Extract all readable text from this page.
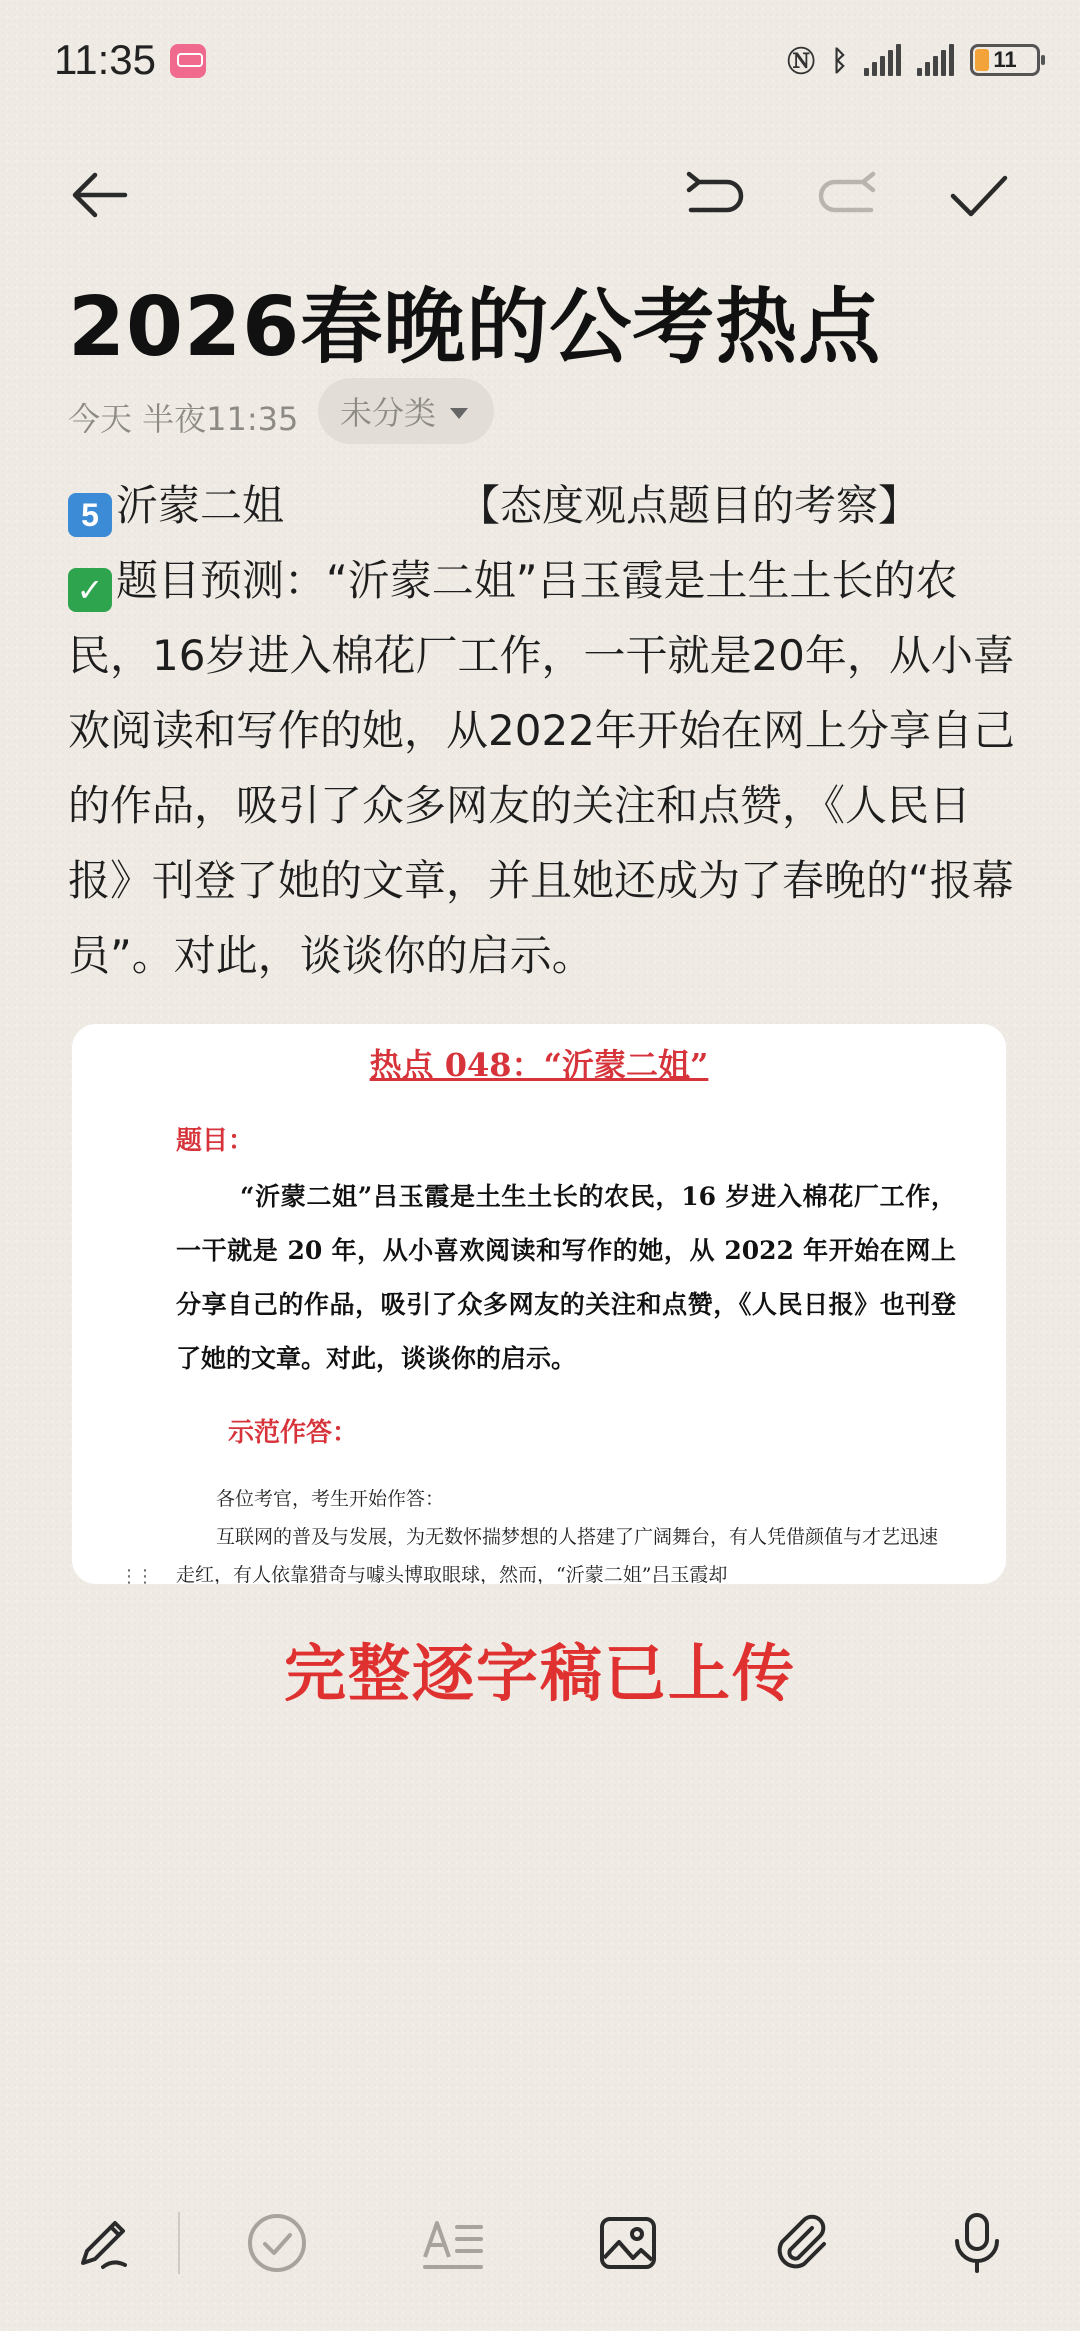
11:35	Ⓝ ᛒ	11
2026春晚的公考热点
今天 半夜11:35 未分类

5 沂蒙二姐	【态度观点题目的考察】

✓ 题目预测：“沂蒙二姐”吕玉霞是土生土长的农民，16岁进入棉花厂工作，一干就是20年，从小喜欢阅读和写作的她，从2022年开始在网上分享自己的作品，吸引了众多网友的关注和点赞，《人民日报》刊登了她的文章，并且她还成为了春晚的“报幕员”。对此，谈谈你的启示。

热点 048：“沂蒙二姐”
题目：
“沂蒙二姐”吕玉霞是土生土长的农民，16 岁进入棉花厂工作，一干就是 20 年，从小喜欢阅读和写作的她，从 2022 年开始在网上分享自己的作品，吸引了众多网友的关注和点赞，《人民日报》也刊登了她的文章。对此，谈谈你的启示。
示范作答：

各位考官，考生开始作答：

互联网的普及与发展，为无数怀揣梦想的人搭建了广阔舞台，有人凭借颜值与才艺迅速走红，有人依靠猎奇与噱头博取眼球，然而，“沂蒙二姐”吕玉霞却

⋮⋮
完整逐字稿已上传
